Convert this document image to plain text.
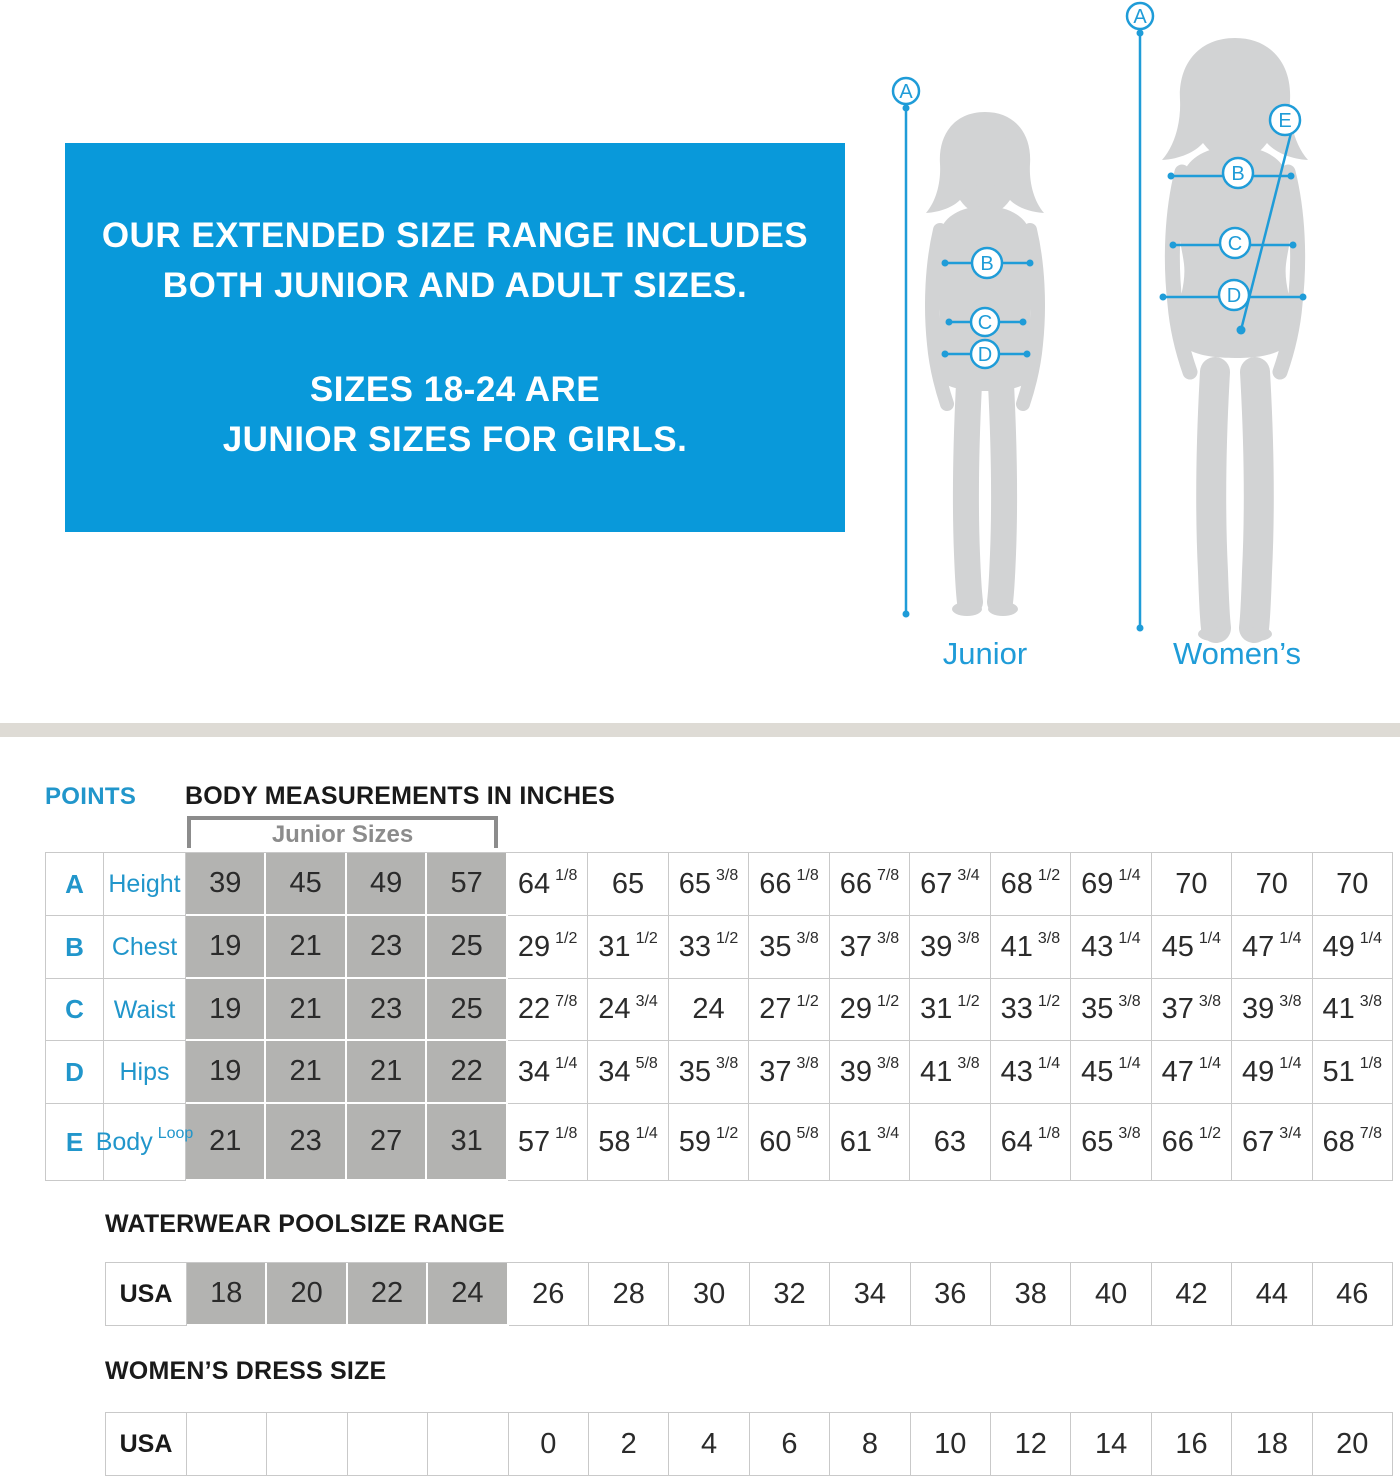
OUR EXTENDED SIZE RANGE INCLUDES
BOTH JUNIOR AND ADULT SIZES.
SIZES 18-24 ARE
JUNIOR SIZES FOR GIRLS.
A
B
C
D
A
E
B
C
D
Junior	Women’s
POINTS BODY MEASUREMENTS IN INCHES
Junior Sizes
A Height 39 45 49 57 64 1/8 65 65 3/8 66 1/8 66 7/8 67 3/4 68 1/2 69 1/4 70 70 70
B Chest 19 21 23 25 29 1/2 31 1/2 33 1/2 35 3/8 37 3/8 39 3/8 41 3/8 43 1/4 45 1/4 47 1/4 49 1/4
C Waist 19 21 23 25 22 7/8 24 3/4 24 27 1/2 29 1/2 31 1/2 33 1/2 35 3/8 37 3/8 39 3/8 41 3/8
D Hips 19 21 21 22 34 1/4 34 5/8 35 3/8 37 3/8 39 3/8 41 3/8 43 1/4 45 1/4 47 1/4 49 1/4 51 1/8
E Body Loop 21 23 27 31 57 1/8 58 1/4 59 1/2 60 5/8 61 3/4 63 64 1/8 65 3/8 66 1/2 67 3/4 68 7/8
WATERWEAR POOLSIZE RANGE
USA 18 20 22 24 26 28 30 32 34 36 38 40 42 44 46
WOMEN’S DRESS SIZE
USA	0 2 4 6 8 10 12 14 16 18 20
